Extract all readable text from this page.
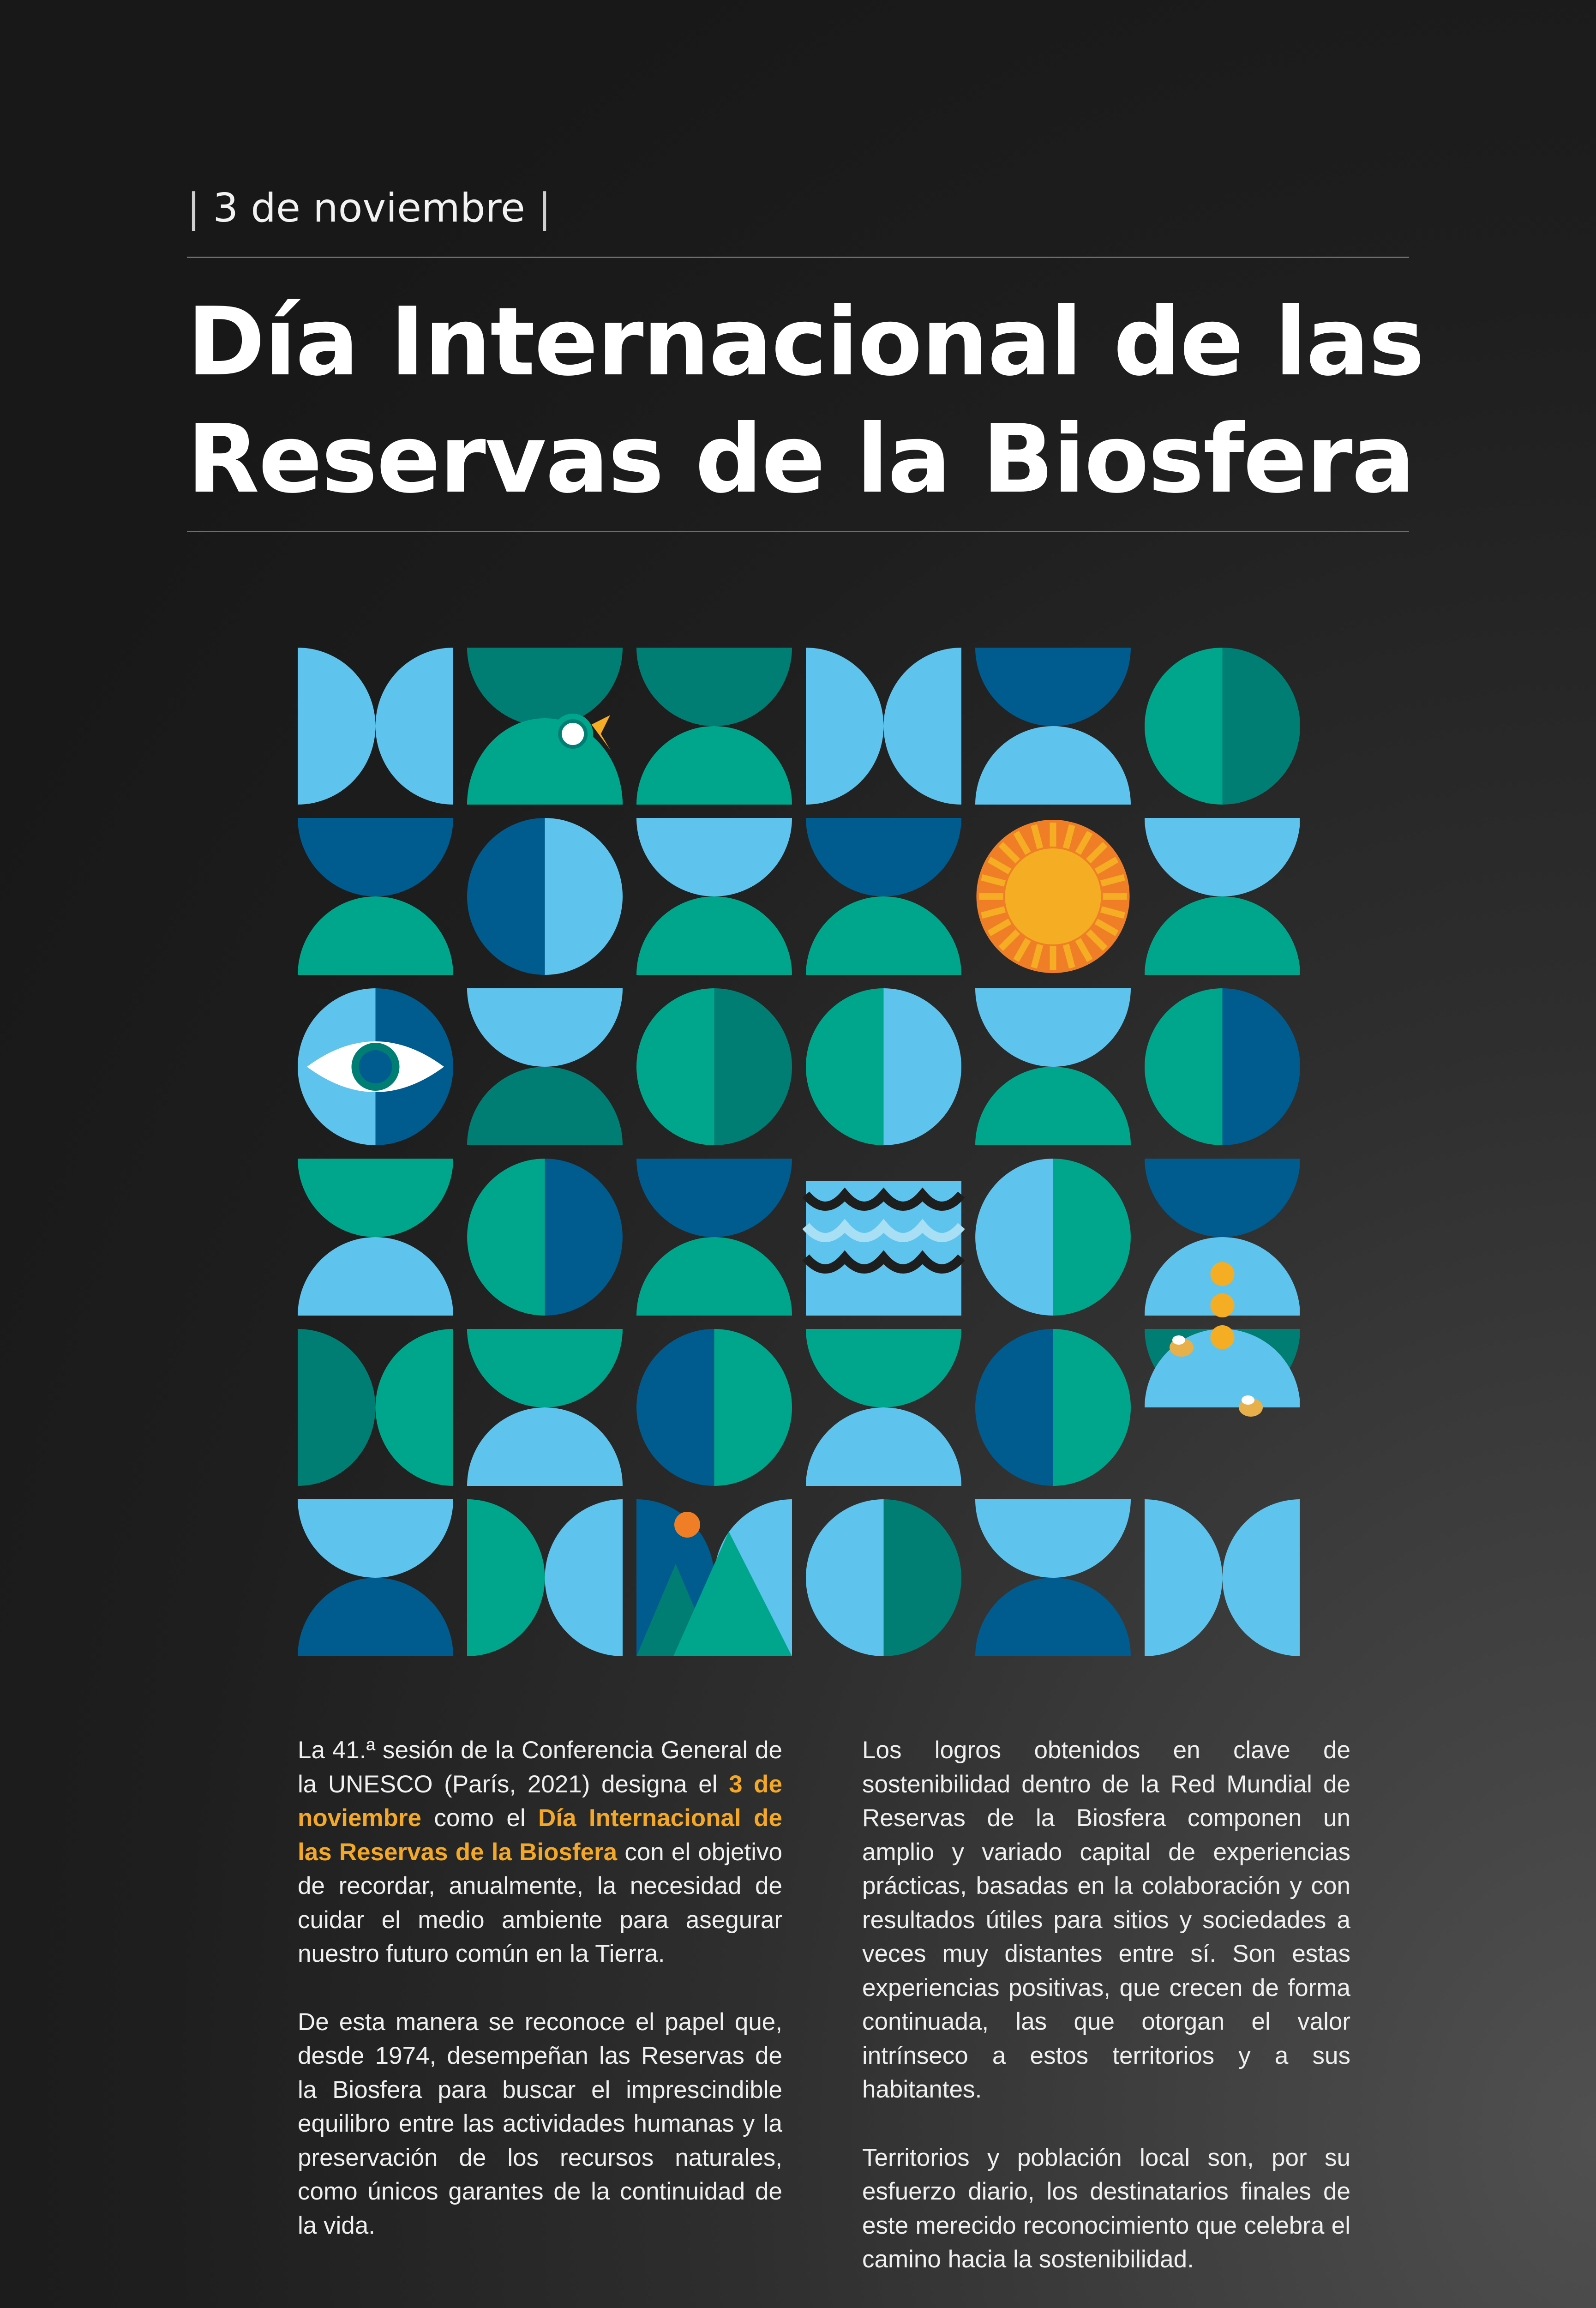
| 3 de noviembre |
Día Internacional de las
Reservas de la Biosfera

La 41.ª sesión de la Conferencia General de la UNESCO (París, 2021) designa el 3 de noviembre como el Día Internacional de las Reservas de la Biosfera con el objetivo de recordar, anualmente, la necesidad de cuidar el medio ambiente para asegurar nuestro futuro común en la Tierra.

De esta manera se reconoce el papel que, desde 1974, desempeñan las Reservas de la Biosfera para buscar el imprescindible equilibro entre las actividades humanas y la preservación de los recursos naturales, como únicos garantes de la continuidad de la vida.

Los logros obtenidos en clave de sostenibilidad dentro de la Red Mundial de Reservas de la Biosfera componen un amplio y variado capital de experiencias prácticas, basadas en la colaboración y con resultados útiles para sitios y sociedades a veces muy distantes entre sí. Son estas experiencias positivas, que crecen de forma continuada, las que otorgan el valor intrínseco a estos territorios y a sus habitantes.

Territorios y población local son, por su esfuerzo diario, los destinatarios finales de este merecido reconocimiento que celebra el camino hacia la sostenibilidad.
